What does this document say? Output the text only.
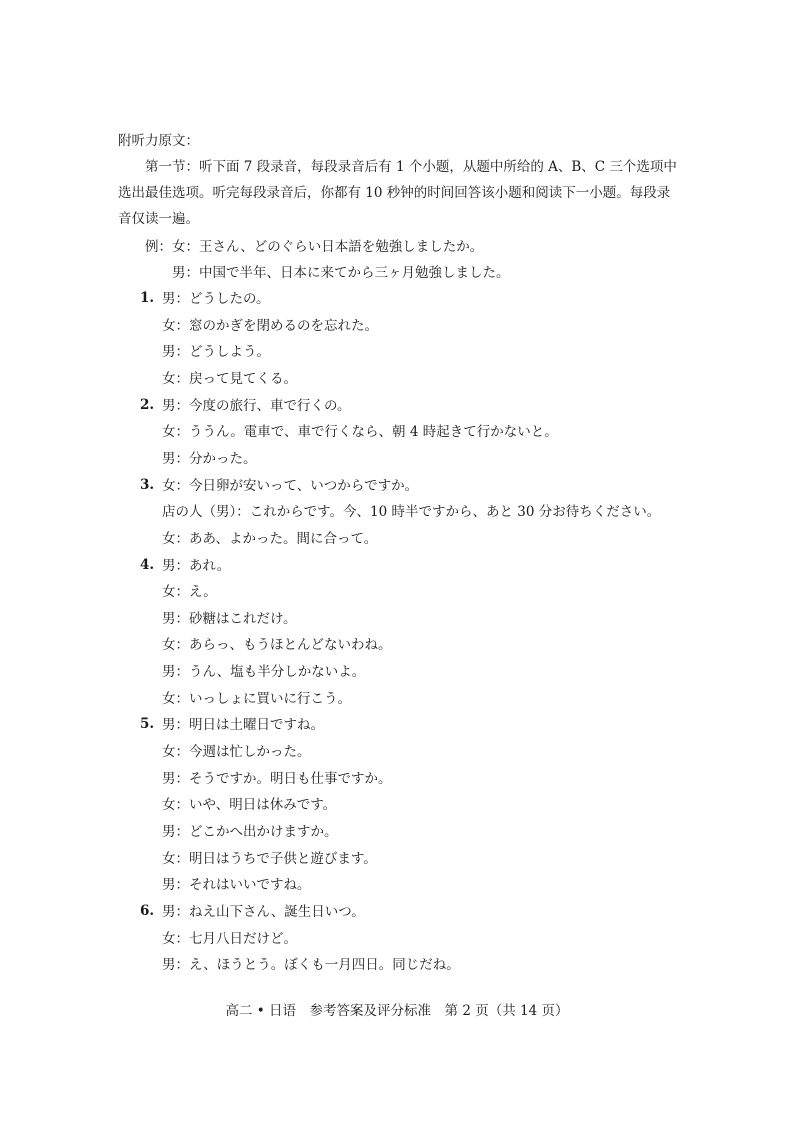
附听力原文：
第一节：听下面 7 段录音，每段录音后有 1 个小题，从题中所给的 A、B、C 三个选项中
选出最佳选项。听完每段录音后，你都有 10 秒钟的时间回答该小题和阅读下一小题。每段录
音仅读一遍。
例：女：王さん、どのぐらい日本語を勉強しましたか。
男：中国で半年、日本に来てから三ヶ月勉強しました。
1. 男：どうしたの。
女：窓のかぎを閉めるのを忘れた。
男：どうしよう。
女：戻って見てくる。
2. 男：今度の旅行、車で行くの。
女：ううん。電車で、車で行くなら、朝 4 時起きて行かないと。
男：分かった。
3. 女：今日卵が安いって、いつからですか。
店の人（男）：これからです。今、10 時半ですから、あと 30 分お待ちください。
女：ああ、よかった。間に合って。
4. 男：あれ。
女：え。
男：砂糖はこれだけ。
女：あらっ、もうほとんどないわね。
男：うん、塩も半分しかないよ。
女：いっしょに買いに行こう。
5. 男：明日は土曜日ですね。
女：今週は忙しかった。
男：そうですか。明日も仕事ですか。
女：いや、明日は休みです。
男：どこかへ出かけますか。
女：明日はうちで子供と遊びます。
男：それはいいですね。
6. 男：ねえ山下さん、誕生日いつ。
女：七月八日だけど。
男：え、ほうとう。ぼくも一月四日。同じだね。
高二 • 日语　参考答案及评分标准　第 2 页（共 14 页）
